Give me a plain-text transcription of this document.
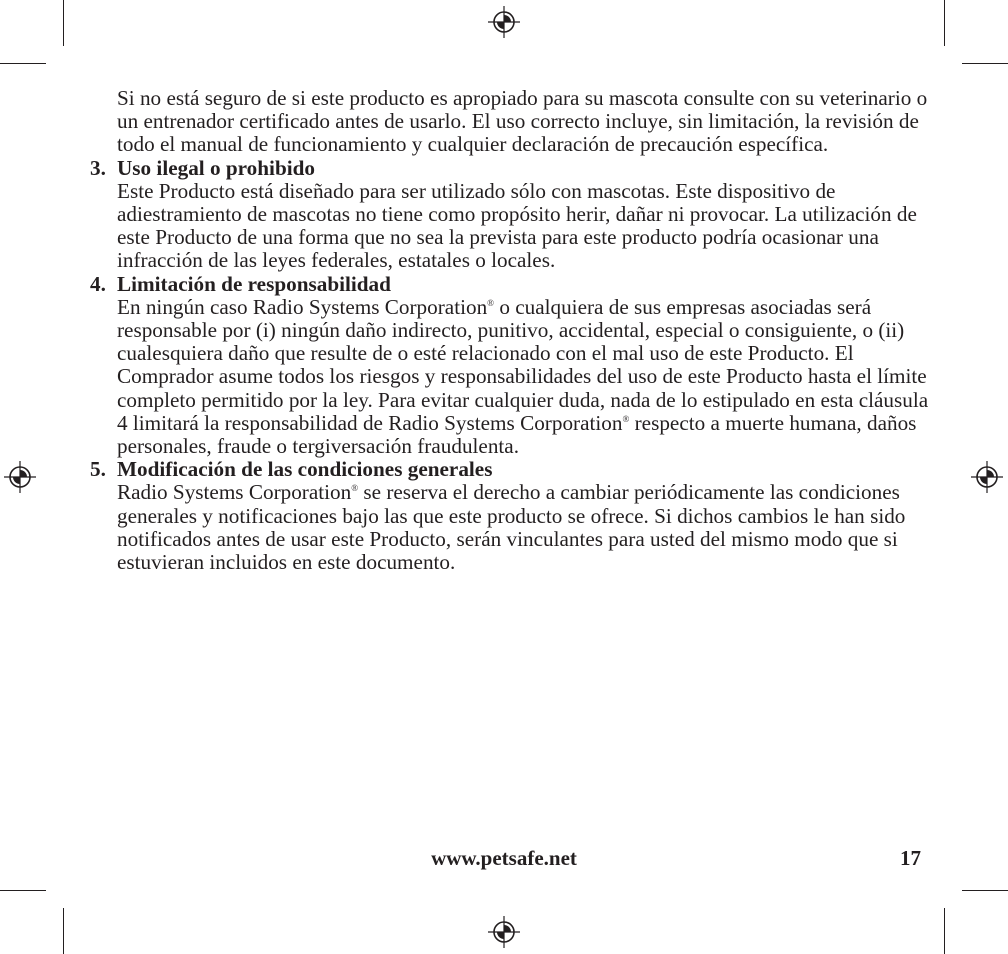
Si no está seguro de si este producto es apropiado para su mascota consulte con su veterinario o un entrenador certificado antes de usarlo. El uso correcto incluye, sin limitación, la revisión de todo el manual de funcionamiento y cualquier declaración de precaución específica.
3. Uso ilegal o prohibido
Este Producto está diseñado para ser utilizado sólo con mascotas. Este dispositivo de adiestramiento de mascotas no tiene como propósito herir, dañar ni provocar. La utilización de este Producto de una forma que no sea la prevista para este producto podría ocasionar una infracción de las leyes federales, estatales o locales.
4. Limitación de responsabilidad
En ningún caso Radio Systems Corporation® o cualquiera de sus empresas asociadas será responsable por (i) ningún daño indirecto, punitivo, accidental, especial o consiguiente, o (ii) cualesquiera daño que resulte de o esté relacionado con el mal uso de este Producto. El Comprador asume todos los riesgos y responsabilidades del uso de este Producto hasta el límite completo permitido por la ley. Para evitar cualquier duda, nada de lo estipulado en esta cláusula 4 limitará la responsabilidad de Radio Systems Corporation® respecto a muerte humana, daños personales, fraude o tergiversación fraudulenta.
5. Modificación de las condiciones generales
Radio Systems Corporation® se reserva el derecho a cambiar periódicamente las condiciones generales y notificaciones bajo las que este producto se ofrece. Si dichos cambios le han sido notificados antes de usar este Producto, serán vinculantes para usted del mismo modo que si estuvieran incluidos en este documento.
www.petsafe.net	17
